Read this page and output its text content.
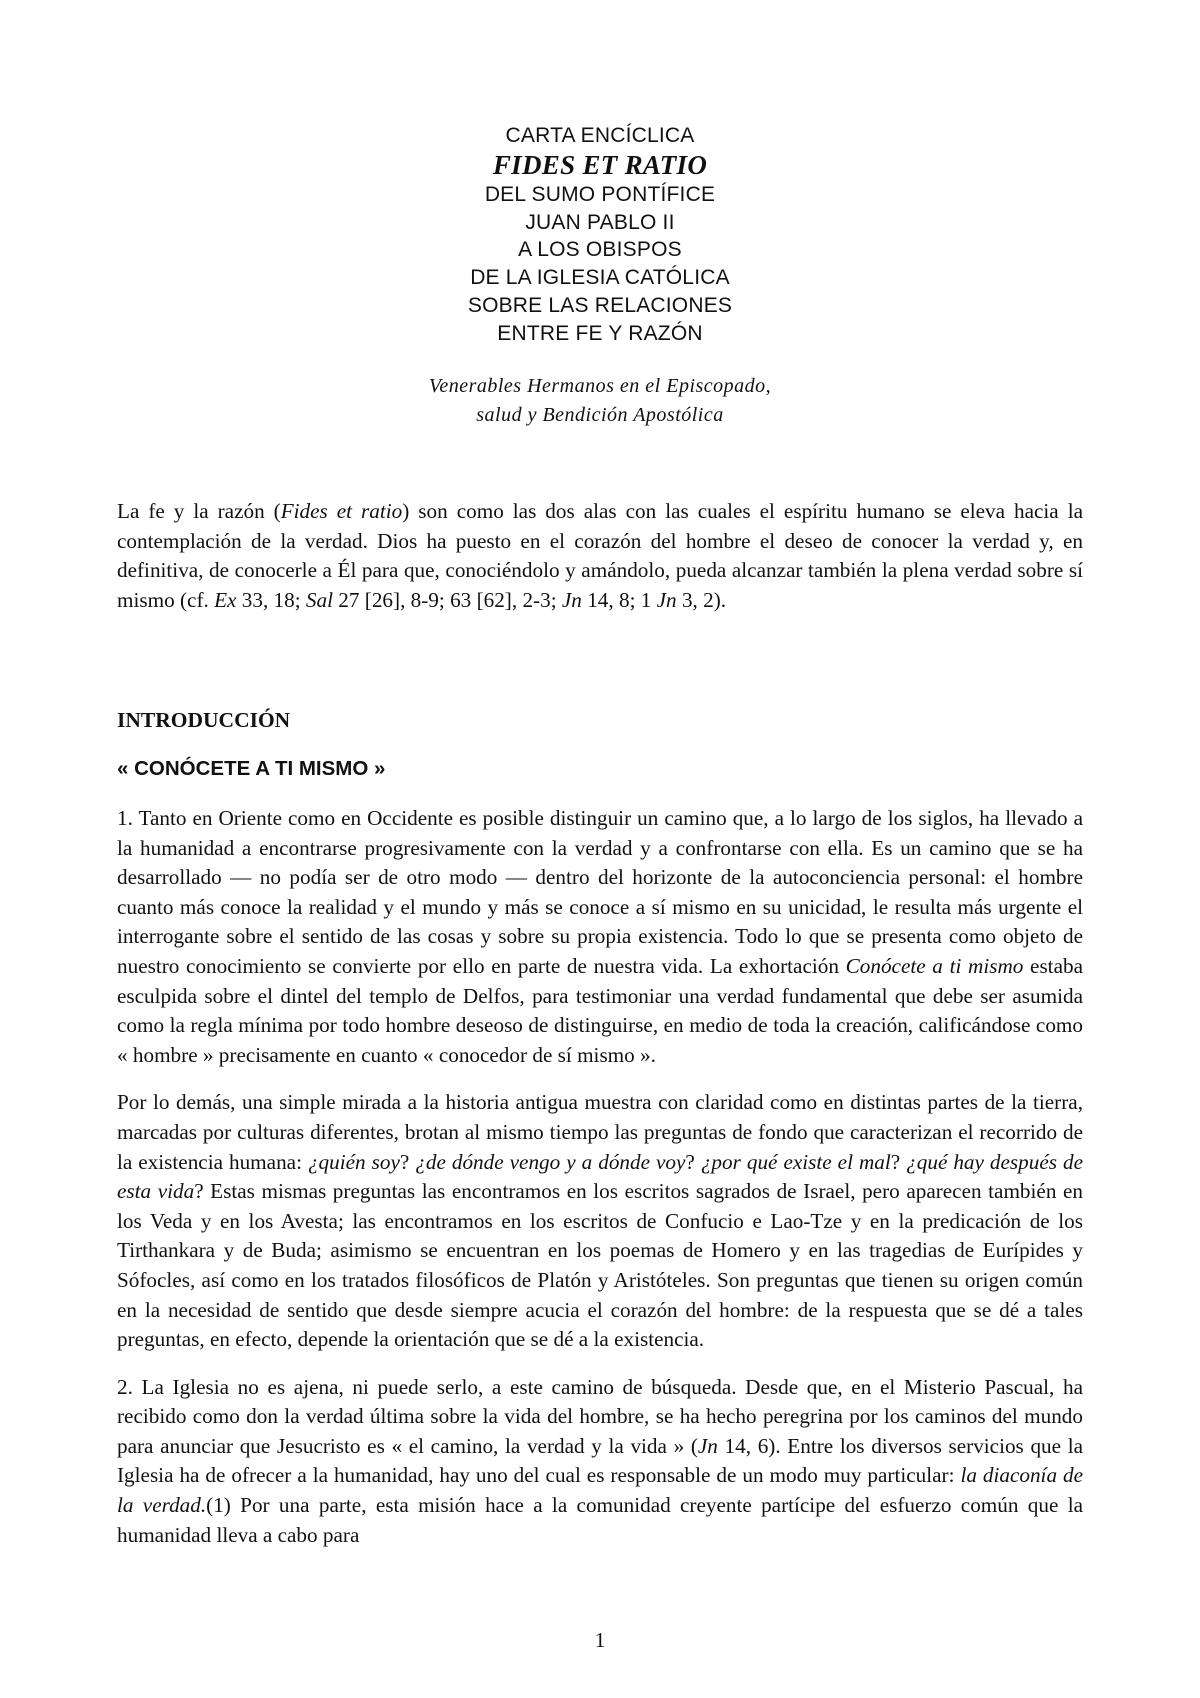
CARTA ENCÍCLICA
FIDES ET RATIO
DEL SUMO PONTÍFICE
JUAN PABLO II
A LOS OBISPOS
DE LA IGLESIA CATÓLICA
SOBRE LAS RELACIONES
ENTRE FE Y RAZÓN
Venerables Hermanos en el Episcopado,
salud y Bendición Apostólica

La fe y la razón (Fides et ratio) son como las dos alas con las cuales el espíritu humano se eleva hacia la contemplación de la verdad. Dios ha puesto en el corazón del hombre el deseo de conocer la verdad y, en definitiva, de conocerle a Él para que, conociéndolo y amándolo, pueda alcanzar también la plena verdad sobre sí mismo (cf. Ex 33, 18; Sal 27 [26], 8-9; 63 [62], 2-3; Jn 14, 8; 1 Jn 3, 2).

INTRODUCCIÓN
« CONÓCETE A TI MISMO »

1. Tanto en Oriente como en Occidente es posible distinguir un camino que, a lo largo de los siglos, ha llevado a la humanidad a encontrarse progresivamente con la verdad y a confrontarse con ella. Es un camino que se ha desarrollado — no podía ser de otro modo — dentro del horizonte de la autoconciencia personal: el hombre cuanto más conoce la realidad y el mundo y más se conoce a sí mismo en su unicidad, le resulta más urgente el interrogante sobre el sentido de las cosas y sobre su propia existencia. Todo lo que se presenta como objeto de nuestro conocimiento se convierte por ello en parte de nuestra vida. La exhortación Conócete a ti mismo estaba esculpida sobre el dintel del templo de Delfos, para testimoniar una verdad fundamental que debe ser asumida como la regla mínima por todo hombre deseoso de distinguirse, en medio de toda la creación, calificándose como « hombre » precisamente en cuanto « conocedor de sí mismo ».

Por lo demás, una simple mirada a la historia antigua muestra con claridad como en distintas partes de la tierra, marcadas por culturas diferentes, brotan al mismo tiempo las preguntas de fondo que caracterizan el recorrido de la existencia humana: ¿quién soy? ¿de dónde vengo y a dónde voy? ¿por qué existe el mal? ¿qué hay después de esta vida? Estas mismas preguntas las encontramos en los escritos sagrados de Israel, pero aparecen también en los Veda y en los Avesta; las encontramos en los escritos de Confucio e Lao-Tze y en la predicación de los Tirthankara y de Buda; asimismo se encuentran en los poemas de Homero y en las tragedias de Eurípides y Sófocles, así como en los tratados filosóficos de Platón y Aristóteles. Son preguntas que tienen su origen común en la necesidad de sentido que desde siempre acucia el corazón del hombre: de la respuesta que se dé a tales preguntas, en efecto, depende la orientación que se dé a la existencia.

2. La Iglesia no es ajena, ni puede serlo, a este camino de búsqueda. Desde que, en el Misterio Pascual, ha recibido como don la verdad última sobre la vida del hombre, se ha hecho peregrina por los caminos del mundo para anunciar que Jesucristo es « el camino, la verdad y la vida » (Jn 14, 6). Entre los diversos servicios que la Iglesia ha de ofrecer a la humanidad, hay uno del cual es responsable de un modo muy particular: la diaconía de la verdad.(1) Por una parte, esta misión hace a la comunidad creyente partícipe del esfuerzo común que la humanidad lleva a cabo para

1
